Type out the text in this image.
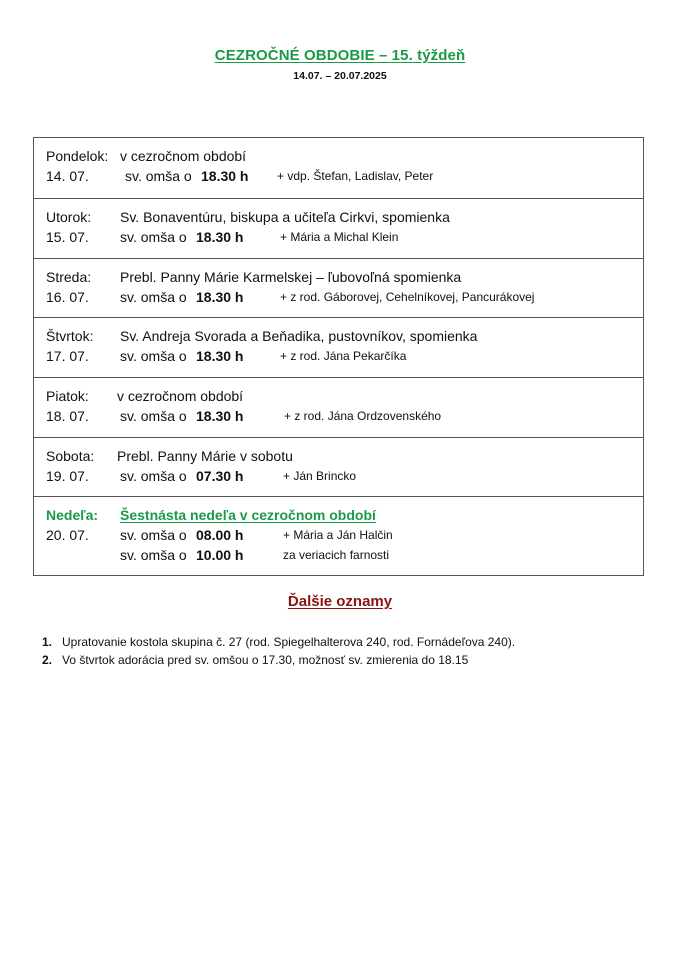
CEZROČNÉ OBDOBIE – 15. týždeň
14.07. – 20.07.2025
Pondelok: v cezročnom období
14. 07.	sv. omša o 18.30 h + vdp. Štefan, Ladislav, Peter
Utorok: Sv. Bonaventúru, biskupa a učiteľa Cirkvi, spomienka
15. 07. sv. omša o 18.30 h	+ Mária a Michal Klein
Streda: Prebl. Panny Márie Karmelskej – ľubovoľná spomienka
16. 07. sv. omša o 18.30 h	+ z rod. Gáborovej, Cehelníkovej, Pancurákovej
Štvrtok: Sv. Andreja Svorada a Beňadika, pustovníkov, spomienka
17. 07. sv. omša o 18.30 h	+ z rod. Jána Pekarčíka
Piatok: v cezročnom období
18. 07. sv. omša o 18.30 h	+ z rod. Jána Ordzovenského
Sobota: Prebl. Panny Márie v sobotu
19. 07. sv. omša o 07.30 h	+ Ján Brincko
Nedeľa: Šestnásta nedeľa v cezročnom období
20. 07. sv. omša o 08.00 h	+ Mária a Ján Halčin
sv. omša o 10.00 h	za veriacich farnosti
Ďalšie oznamy
1. Upratovanie kostola skupina č. 27 (rod. Spiegelhalterova 240, rod. Fornádeľova 240).
2. Vo štvrtok adorácia pred sv. omšou o 17.30, možnosť sv. zmierenia do 18.15
